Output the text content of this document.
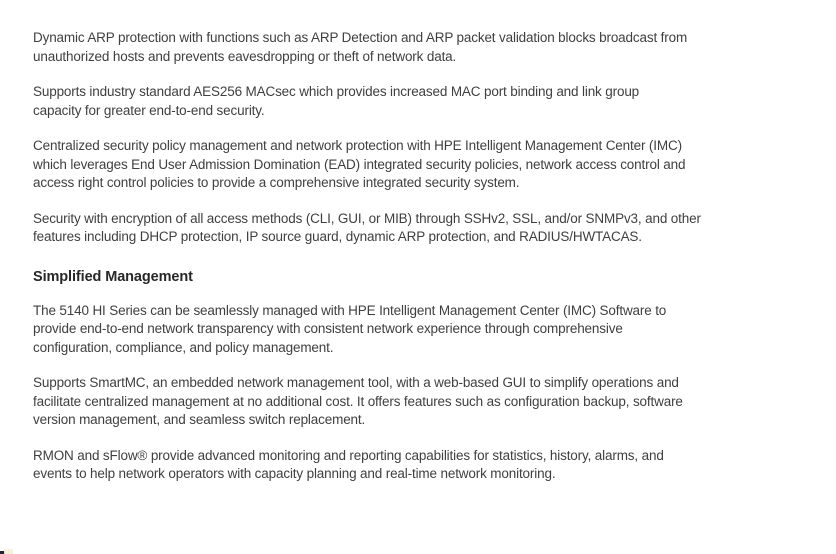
Dynamic ARP protection with functions such as ARP Detection and ARP packet validation blocks broadcast from
unauthorized hosts and prevents eavesdropping or theft of network data.

Supports industry standard AES256 MACsec which provides increased MAC port binding and link group
capacity for greater end-to-end security.

Centralized security policy management and network protection with HPE Intelligent Management Center (IMC)
which leverages End User Admission Domination (EAD) integrated security policies, network access control and
access right control policies to provide a comprehensive integrated security system.

Security with encryption of all access methods (CLI, GUI, or MIB) through SSHv2, SSL, and/or SNMPv3, and other
features including DHCP protection, IP source guard, dynamic ARP protection, and RADIUS/HWTACAS.

Simplified Management

The 5140 HI Series can be seamlessly managed with HPE Intelligent Management Center (IMC) Software to
provide end-to-end network transparency with consistent network experience through comprehensive
configuration, compliance, and policy management.

Supports SmartMC, an embedded network management tool, with a web-based GUI to simplify operations and
facilitate centralized management at no additional cost. It offers features such as configuration backup, software
version management, and seamless switch replacement.

RMON and sFlow® provide advanced monitoring and reporting capabilities for statistics, history, alarms, and
events to help network operators with capacity planning and real-time network monitoring.
